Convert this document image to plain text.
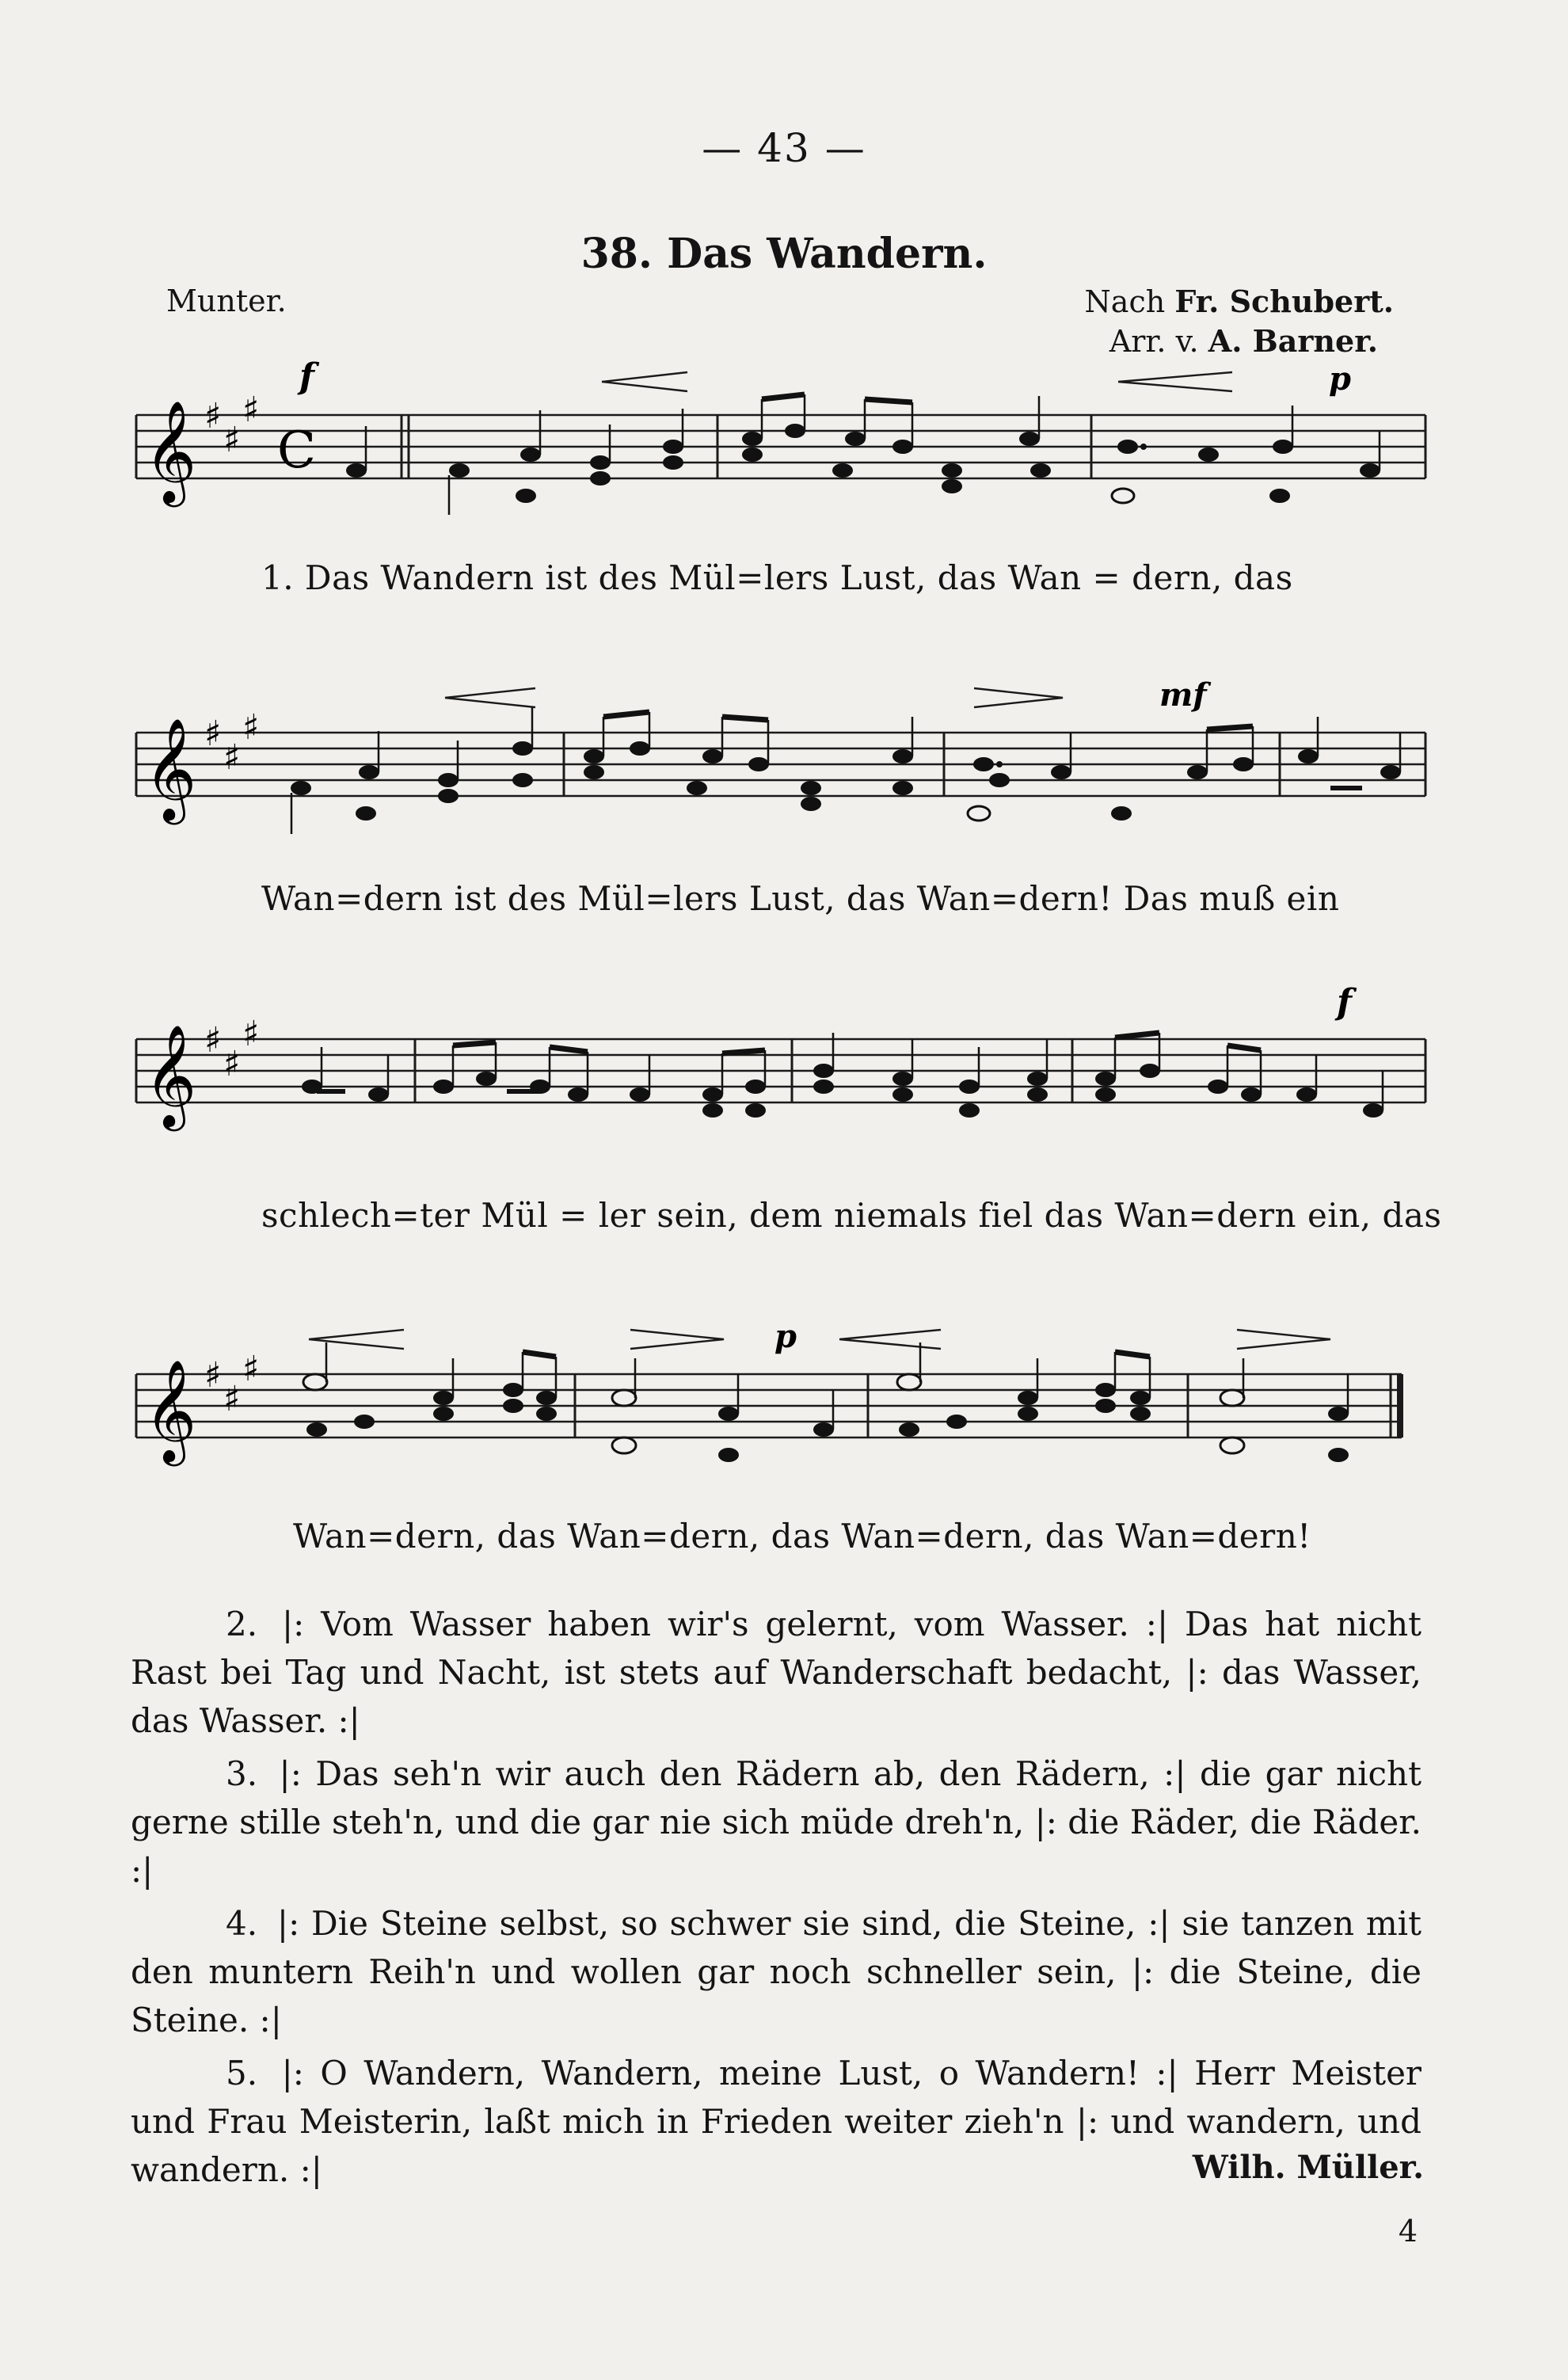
— 43 —
38. Das Wandern.
Munter.	Nach Fr. Schubert.
Arr. v. A. Barner.
𝄞 ♯
♯
♯
C
f	p
1. Das Wandern ist des Mül=lers Lust, das Wan = dern, das
𝄞 ♯
♯
♯
mf
Wan=dern ist des Mül=lers Lust, das Wan=dern! Das muß ein
𝄞 ♯
♯
♯
f
schlech=ter Mül = ler sein, dem niemals fiel das Wan=dern ein, das
𝄞 ♯
♯
♯
p
Wan=dern, das Wan=dern, das Wan=dern, das Wan=dern!
2. |: Vom Wasser haben wir's gelernt, vom Wasser. :| Das hat nicht Rast bei Tag und Nacht, ist stets auf Wanderschaft bedacht, |: das Wasser, das Wasser. :|
3. |: Das seh'n wir auch den Rädern ab, den Rädern, :| die gar nicht gerne stille steh'n, und die gar nie sich müde dreh'n, |: die Räder, die Räder. :|
4. |: Die Steine selbst, so schwer sie sind, die Steine, :| sie tanzen mit den muntern Reih'n und wollen gar noch schneller sein, |: die Steine, die Steine. :|
5. |: O Wandern, Wandern, meine Lust, o Wandern! :| Herr Meister und Frau Meisterin, laßt mich in Frieden weiter zieh'n |: und wandern, und wandern. :|	Wilh. Müller.
4
